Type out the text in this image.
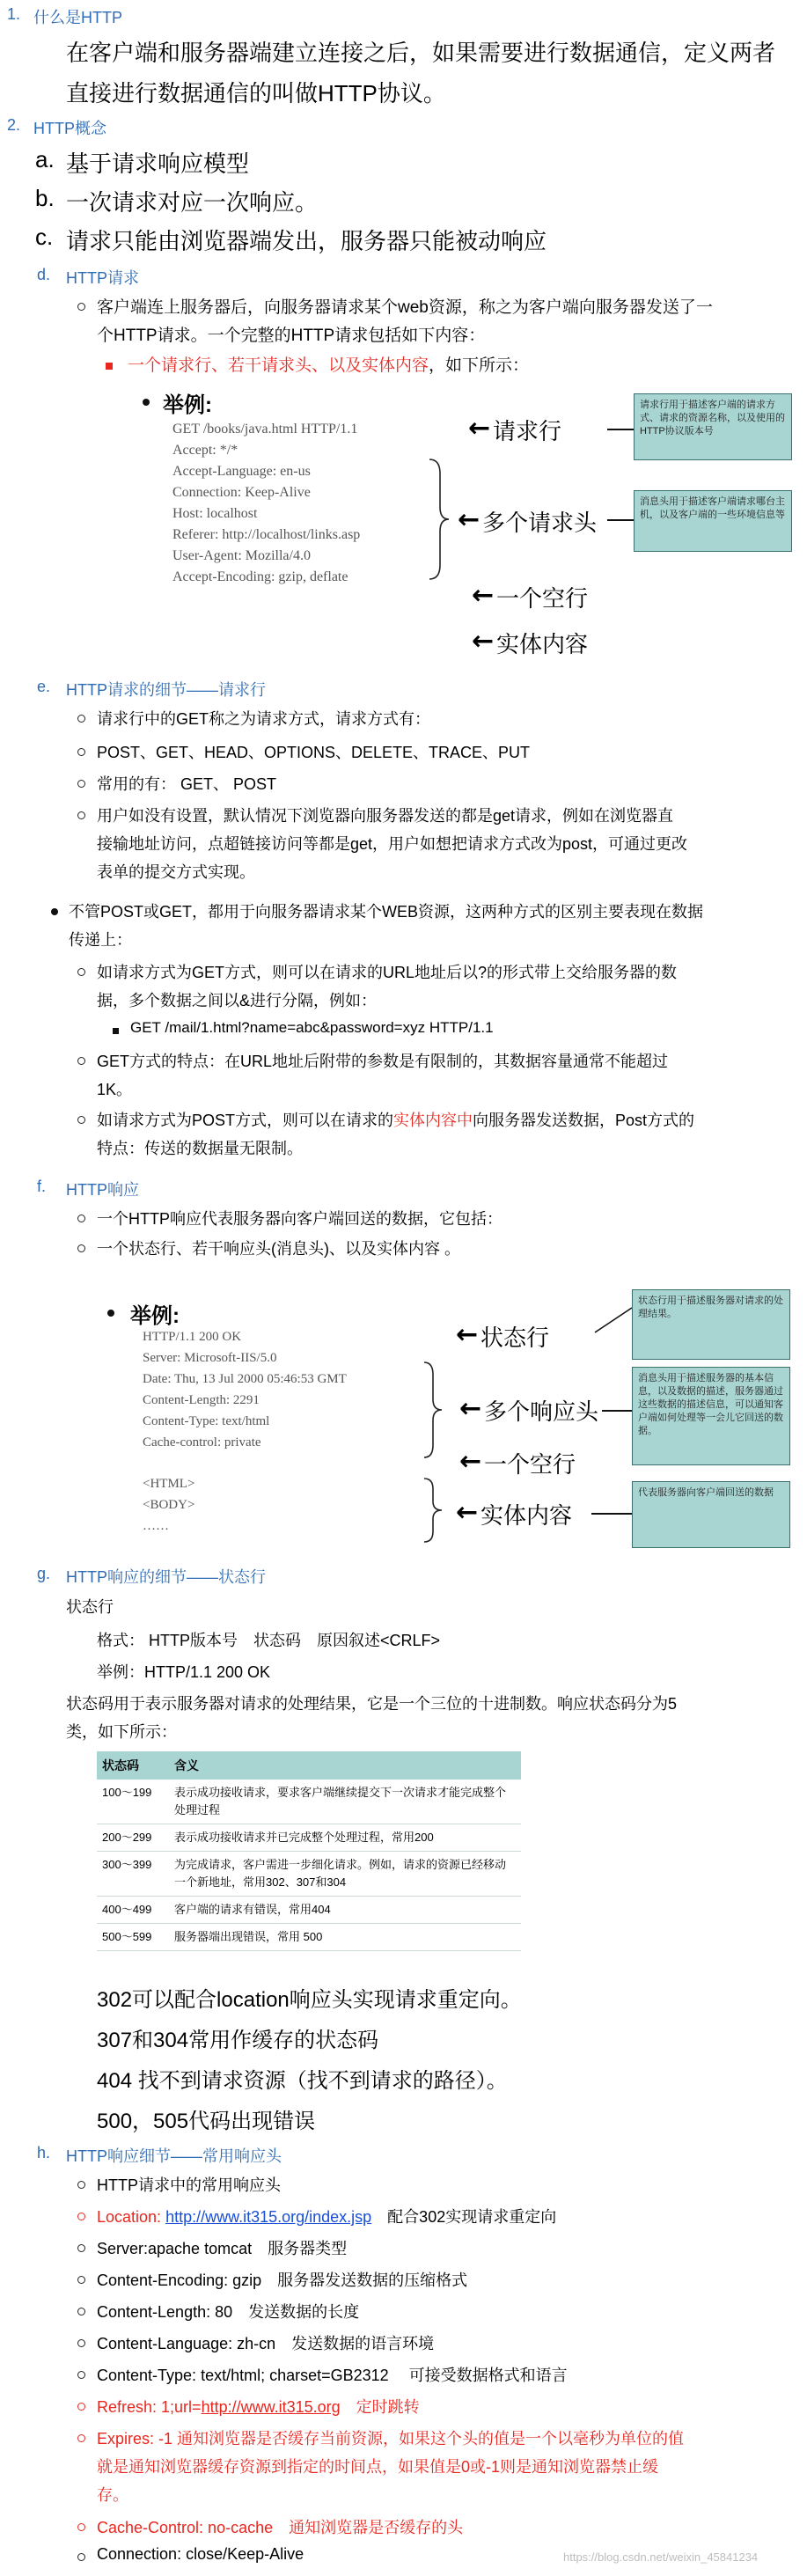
1. 什么是HTTP
在客户端和服务器端建立连接之后，如果需要进行数据通信，定义两者
直接进行数据通信的叫做HTTP协议。
2. HTTP概念
a. 基于请求响应模型
b. 一次请求对应一次响应。
c. 请求只能由浏览器端发出，服务器只能被动响应
d. HTTP请求
客户端连上服务器后，向服务器请求某个web资源，称之为客户端向服务器发送了一
个HTTP请求。一个完整的HTTP请求包括如下内容：
一个请求行、若干请求头、以及实体内容，如下所示：
举例:
GET /books/java.html HTTP/1.1
Accept: */*
Accept-Language: en-us
Connection: Keep-Alive
Host: localhost
Referer: http://localhost/links.asp
User-Agent: Mozilla/4.0
Accept-Encoding: gzip, deflate
← 请求行
← 多个请求头
← 一个空行
← 实体内容
请求行用于描述客户端的请求方式、请求的资源名称，以及使用的HTTP协议版本号
消息头用于描述客户端请求哪台主机，以及客户端的一些环境信息等
e. HTTP请求的细节——请求行
请求行中的GET称之为请求方式，请求方式有：
POST、GET、HEAD、OPTIONS、DELETE、TRACE、PUT
常用的有： GET、 POST
用户如没有设置，默认情况下浏览器向服务器发送的都是get请求，例如在浏览器直
接输地址访问，点超链接访问等都是get，用户如想把请求方式改为post，可通过更改
表单的提交方式实现。
不管POST或GET，都用于向服务器请求某个WEB资源，这两种方式的区别主要表现在数据
传递上：
如请求方式为GET方式，则可以在请求的URL地址后以?的形式带上交给服务器的数
据，多个数据之间以&进行分隔，例如：
GET /mail/1.html?name=abc&password=xyz HTTP/1.1
GET方式的特点：在URL地址后附带的参数是有限制的，其数据容量通常不能超过
1K。
如请求方式为POST方式，则可以在请求的实体内容中向服务器发送数据，Post方式的
特点：传送的数据量无限制。
f. HTTP响应
一个HTTP响应代表服务器向客户端回送的数据，它包括：
一个状态行、若干响应头(消息头)、以及实体内容 。
举例:
HTTP/1.1 200 OK
Server: Microsoft-IIS/5.0
Date: Thu, 13 Jul 2000 05:46:53 GMT
Content-Length: 2291
Content-Type: text/html
Cache-control: private
<HTML>
<BODY>
……
← 状态行
← 多个响应头
← 一个空行
← 实体内容
状态行用于描述服务器对请求的处理结果。
消息头用于描述服务器的基本信息，以及数据的描述，服务器通过这些数据的描述信息，可以通知客户端如何处理等一会儿它回送的数据。
代表服务器向客户端回送的数据
g. HTTP响应的细节——状态行
状态行
格式： HTTP版本号　状态码　原因叙述<CRLF>
举例：HTTP/1.1 200 OK
状态码用于表示服务器对请求的处理结果，它是一个三位的十进制数。响应状态码分为5
类，如下所示：
状态码	含义
100～199	表示成功接收请求，要求客户端继续提交下一次请求才能完成整个处理过程
200～299	表示成功接收请求并已完成整个处理过程，常用200
300～399	为完成请求，客户需进一步细化请求。例如，请求的资源已经移动一个新地址，常用302、307和304
400～499	客户端的请求有错误，常用404
500～599	服务器端出现错误，常用 500
302可以配合location响应头实现请求重定向。
307和304常用作缓存的状态码
404 找不到请求资源（找不到请求的路径）。
500，505代码出现错误
h. HTTP响应细节——常用响应头
HTTP请求中的常用响应头
Location: http://www.it315.org/index.jsp　配合302实现请求重定向
Server:apache tomcat　服务器类型
Content-Encoding: gzip　服务器发送数据的压缩格式
Content-Length: 80　发送数据的长度
Content-Language: zh-cn　发送数据的语言环境
Content-Type: text/html; charset=GB2312　 可接受数据格式和语言
Refresh: 1;url=http://www.it315.org　定时跳转
Expires: -1 通知浏览器是否缓存当前资源，如果这个头的值是一个以毫秒为单位的值
就是通知浏览器缓存资源到指定的时间点，如果值是0或-1则是通知浏览器禁止缓
存。
Cache-Control: no-cache　通知浏览器是否缓存的头
Connection: close/Keep-Alive	https://blog.csdn.net/weixin_45841234
